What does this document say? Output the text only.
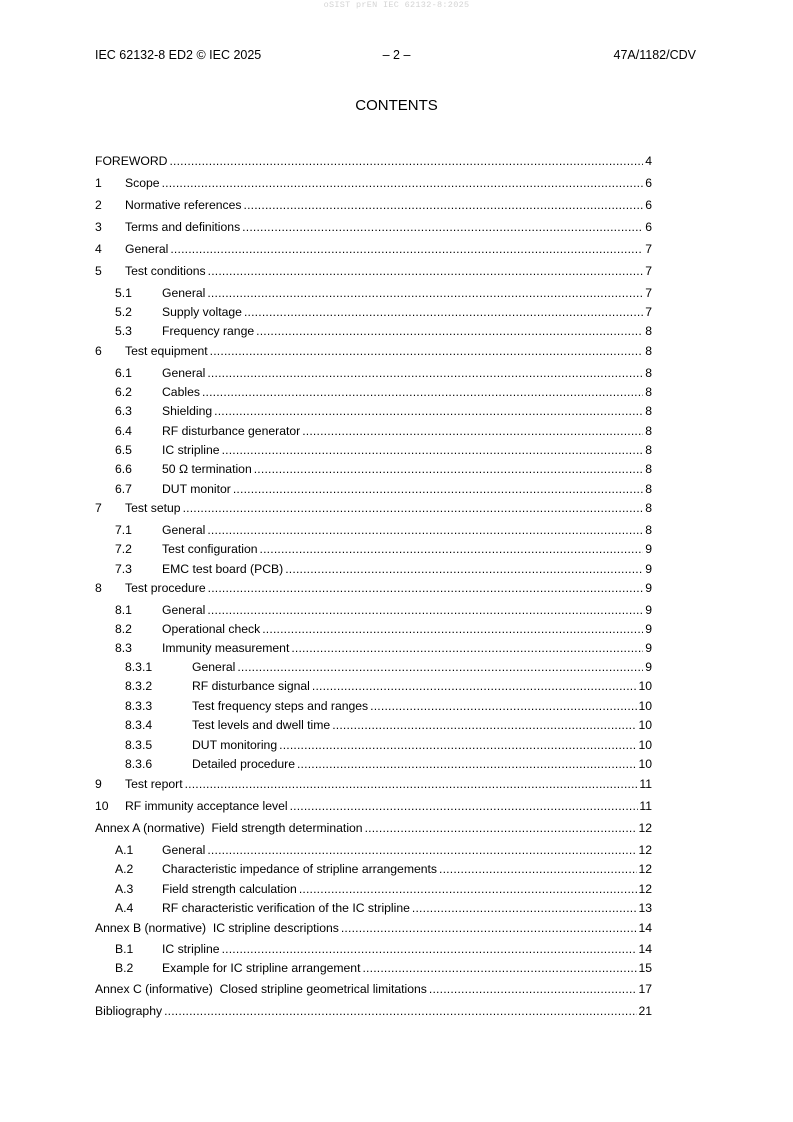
oSIST prEN IEC 62132-8:2025
IEC 62132-8 ED2 © IEC 2025	– 2 –	47A/1182/CDV
CONTENTS
FOREWORD . . .	4
1	Scope . . .	6
2	Normative references . . .	6
3	Terms and definitions . . .	6
4	General . . .	7
5	Test conditions . . .	7
5.1	General . . .	7
5.2	Supply voltage . . .	7
5.3	Frequency range . . .	8
6	Test equipment . . .	8
6.1	General . . .	8
6.2	Cables . . .	8
6.3	Shielding . . .	8
6.4	RF disturbance generator . . .	8
6.5	IC stripline . . .	8
6.6	50 Ω termination . . .	8
6.7	DUT monitor . . .	8
7	Test setup . . .	8
7.1	General . . .	8
7.2	Test configuration . . .	9
7.3	EMC test board (PCB) . . .	9
8	Test procedure . . .	9
8.1	General . . .	9
8.2	Operational check . . .	9
8.3	Immunity measurement . . .	9
8.3.1	General . . .	9
8.3.2	RF disturbance signal . . .	10
8.3.3	Test frequency steps and ranges . . .	10
8.3.4	Test levels and dwell time . . .	10
8.3.5	DUT monitoring . . .	10
8.3.6	Detailed procedure . . .	10
9	Test report . . .	11
10	RF immunity acceptance level . . .	11
Annex A (normative)  Field strength determination . . .	12
A.1	General . . .	12
A.2	Characteristic impedance of stripline arrangements . . .	12
A.3	Field strength calculation . . .	12
A.4	RF characteristic verification of the IC stripline . . .	13
Annex B (normative)  IC stripline descriptions . . .	14
B.1	IC stripline . . .	14
B.2	Example for IC stripline arrangement . . .	15
Annex C (informative)  Closed stripline geometrical limitations . . .	17
Bibliography . . .	21
